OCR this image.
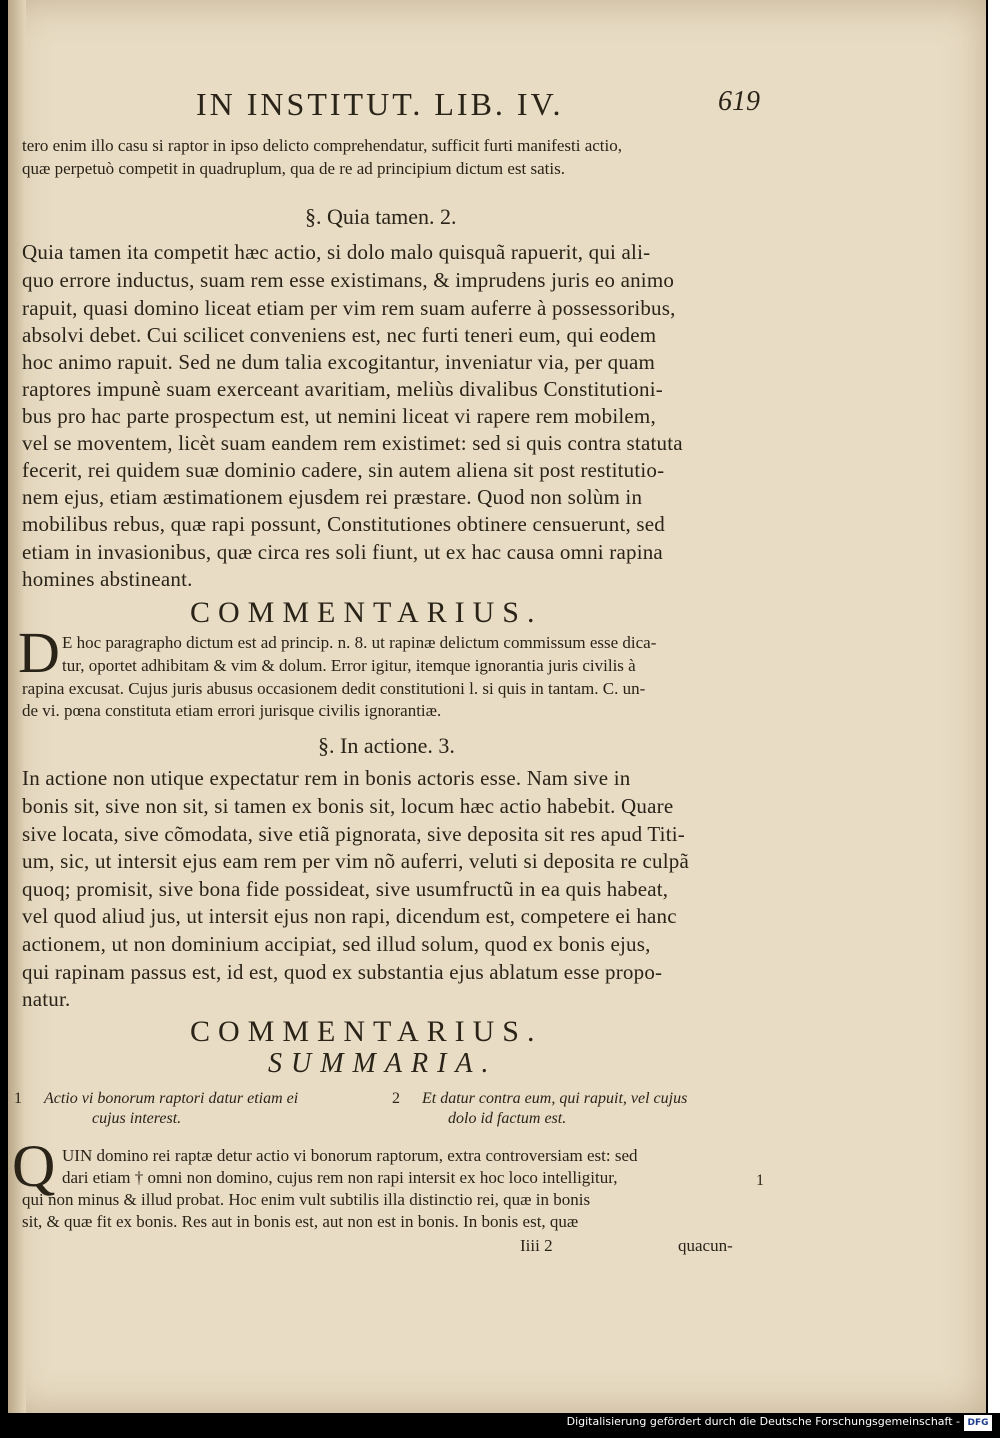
IN INSTITUT. LIB. IV.	619
tero enim illo casu si raptor in ipso delicto comprehendatur, sufficit furti manifesti actio,
quæ perpetuò competit in quadruplum, qua de re ad principium dictum est satis.
§. Quia tamen. 2.
Quia tamen ita competit hæc actio, si dolo malo quisquã rapuerit, qui ali-
quo errore inductus, suam rem esse existimans, & imprudens juris eo animo
rapuit, quasi domino liceat etiam per vim rem suam auferre à possessoribus,
absolvi debet. Cui scilicet conveniens est, nec furti teneri eum, qui eodem
hoc animo rapuit. Sed ne dum talia excogitantur, inveniatur via, per quam
raptores impunè suam exerceant avaritiam, meliùs divalibus Constitutioni-
bus pro hac parte prospectum est, ut nemini liceat vi rapere rem mobilem,
vel se moventem, licèt suam eandem rem existimet: sed si quis contra statuta
fecerit, rei quidem suæ dominio cadere, sin autem aliena sit post restitutio-
nem ejus, etiam æstimationem ejusdem rei præstare. Quod non solùm in
mobilibus rebus, quæ rapi possunt, Constitutiones obtinere censuerunt, sed
etiam in invasionibus, quæ circa res soli fiunt, ut ex hac causa omni rapina
homines abstineant.
COMMENTARIUS.
D E hoc paragrapho dictum est ad princip. n. 8. ut rapinæ delictum commissum esse dica-
tur, oportet adhibitam & vim & dolum. Error igitur, itemque ignorantia juris civilis à
rapina excusat. Cujus juris abusus occasionem dedit constitutioni l. si quis in tantam. C. un-
de vi. pœna constituta etiam errori jurisque civilis ignorantiæ.
§. In actione. 3.
In actione non utique expectatur rem in bonis actoris esse. Nam sive in
bonis sit, sive non sit, si tamen ex bonis sit, locum hæc actio habebit. Quare
sive locata, sive cõmodata, sive etiã pignorata, sive deposita sit res apud Titi-
um, sic, ut intersit ejus eam rem per vim nõ auferri, veluti si deposita re culpã
quoq; promisit, sive bona fide possideat, sive usumfructũ in ea quis habeat,
vel quod aliud jus, ut intersit ejus non rapi, dicendum est, competere ei hanc
actionem, ut non dominium accipiat, sed illud solum, quod ex bonis ejus,
qui rapinam passus est, id est, quod ex substantia ejus ablatum esse propo-
natur.
COMMENTARIUS.
SUMMARIA.
1 Actio vi bonorum raptori datur etiam ei
cujus interest.
2 Et datur contra eum, qui rapuit, vel cujus
dolo id factum est.
Q UIN domino rei raptæ detur actio vi bonorum raptorum, extra controversiam est: sed
dari etiam † omni non domino, cujus rem non rapi intersit ex hoc loco intelligitur,
qui non minus & illud probat. Hoc enim vult subtilis illa distinctio rei, quæ in bonis
sit, & quæ fit ex bonis. Res aut in bonis est, aut non est in bonis. In bonis est, quæ
1
Iiii 2	quacun-
Digitalisierung gefördert durch die Deutsche Forschungsgemeinschaft - DFG
